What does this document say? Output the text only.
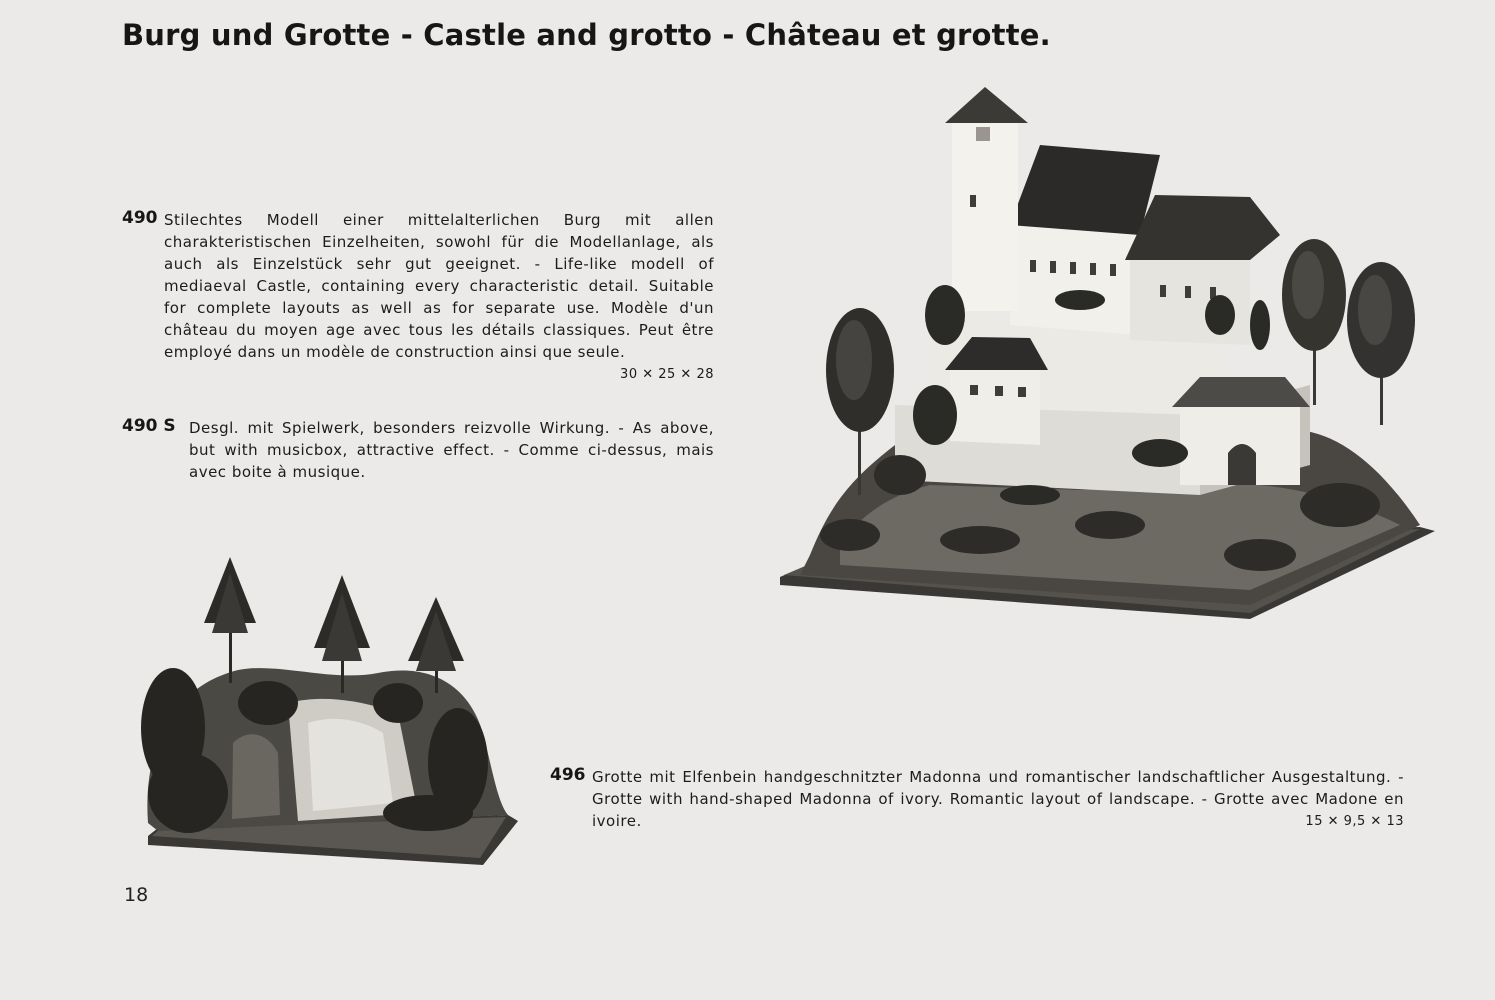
Burg und Grotte - Castle and grotto - Château et grotte.
490 Stilechtes Modell einer mittelalterlichen Burg mit allen charakteristischen Einzelheiten, sowohl für die Modellanlage, als auch als Einzelstück sehr gut geeignet. - Life-like modell of mediaeval Castle, containing every characteristic detail. Suitable for complete layouts as well as for separate use. Modèle d'un château du moyen age avec tous les détails classiques. Peut être employé dans un modèle de construction ainsi que seule.
30 ✕ 25 ✕ 28
490 S Desgl. mit Spielwerk, besonders reizvolle Wirkung. - As above, but with musicbox, attractive effect. - Comme ci-dessus, mais avec boite à musique.
496 Grotte mit Elfenbein handgeschnitzter Madonna und romantischer landschaftlicher Ausgestaltung. - Grotte with hand-shaped Madonna of ivory. Romantic layout of landscape. - Grotte avec Madone en ivoire.	15 ✕ 9,5 ✕ 13
18
